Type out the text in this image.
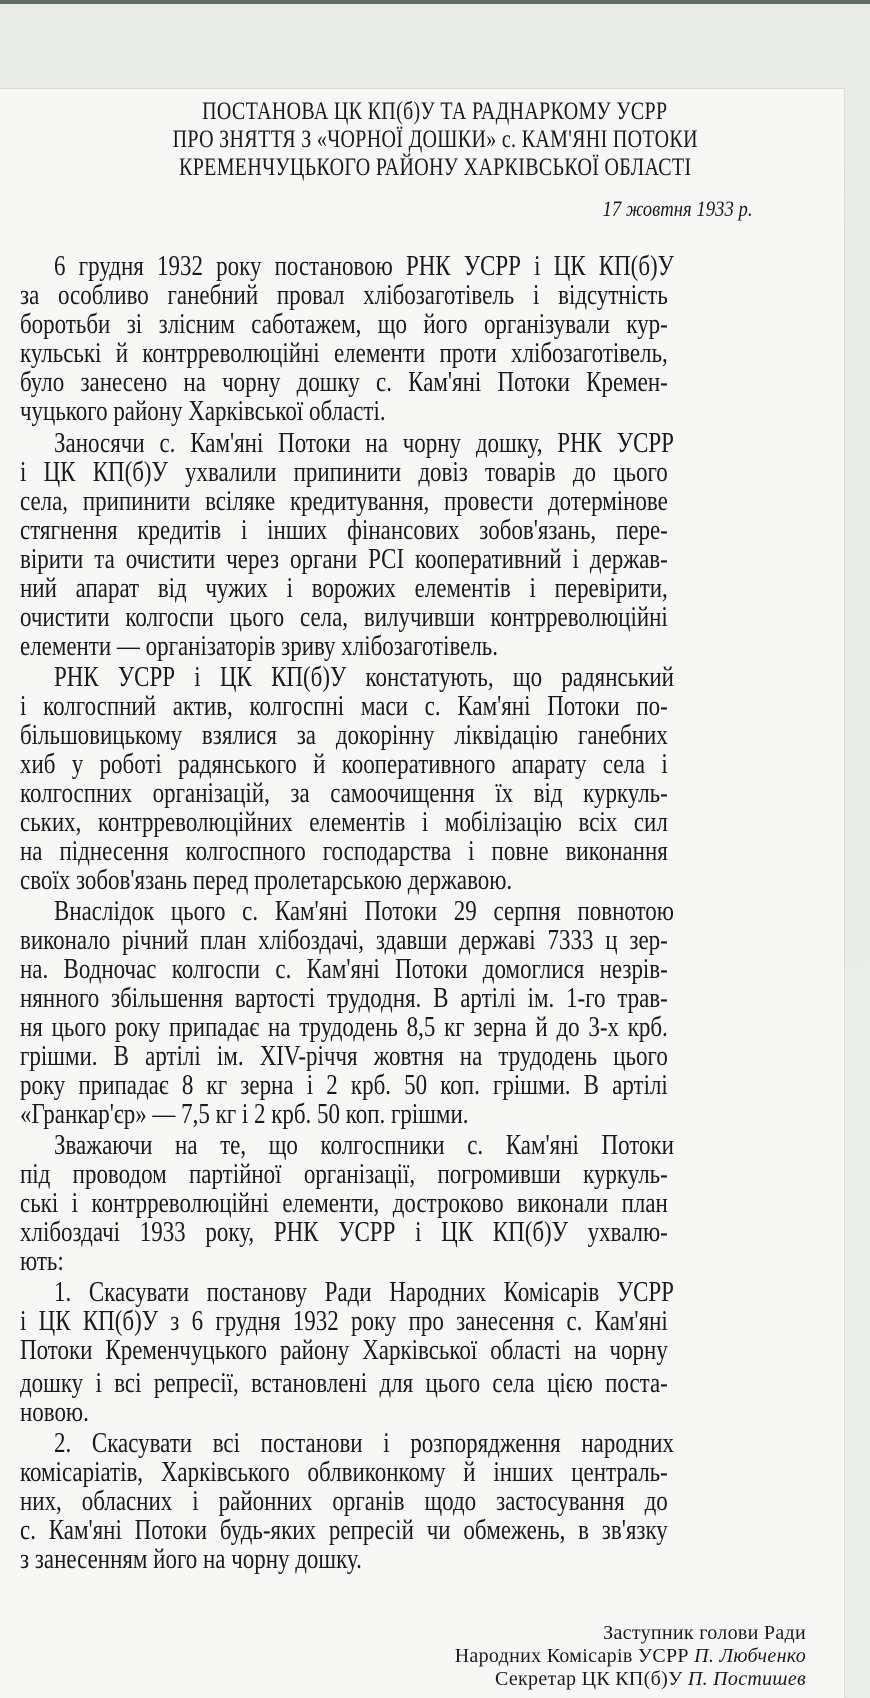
ПОСТАНОВА ЦК КП(б)У ТА РАДНАРКОМУ УСРР
ПРО ЗНЯТТЯ З «ЧОРНОЇ ДОШКИ» с. КАМ'ЯНІ ПОТОКИ
КРЕМЕНЧУЦЬКОГО РАЙОНУ ХАРКІВСЬКОЇ ОБЛАСТІ
17 жовтня 1933 р.
6 грудня 1932 року постановою РНК УСРР і ЦК КП(б)У
за особливо ганебний провал хлібозаготівель і відсутність
боротьби зі злісним саботажем, що його організували кур-
кульські й контрреволюційні елементи проти хлібозаготівель,
було занесено на чорну дошку с. Кам'яні Потоки Кремен-
чуцького району Харківської області.
Заносячи с. Кам'яні Потоки на чорну дошку, РНК УСРР
і ЦК КП(б)У ухвалили припинити довіз товарів до цього
села, припинити всіляке кредитування, провести дотермінове
стягнення кредитів і інших фінансових зобов'язань, пере-
вірити та очистити через органи РСІ кооперативний і держав-
ний апарат від чужих і ворожих елементів і перевірити,
очистити колгоспи цього села, вилучивши контрреволюційні
елементи — організаторів зриву хлібозаготівель.
РНК УСРР і ЦК КП(б)У констатують, що радянський
і колгоспний актив, колгоспні маси с. Кам'яні Потоки по-
більшовицькому взялися за докорінну ліквідацію ганебних
хиб у роботі радянського й кооперативного апарату села і
колгоспних організацій, за самоочищення їх від куркуль-
ських, контрреволюційних елементів і мобілізацію всіх сил
на піднесення колгоспного господарства і повне виконання
своїх зобов'язань перед пролетарською державою.
Внаслідок цього с. Кам'яні Потоки 29 серпня повнотою
виконало річний план хлібоздачі, здавши державі 7333 ц зер-
на. Водночас колгоспи с. Кам'яні Потоки домоглися незрів-
нянного збільшення вартості трудодня. В артілі ім. 1-го трав-
ня цього року припадає на трудодень 8,5 кг зерна й до 3-х крб.
грішми. В артілі ім. XIV-річчя жовтня на трудодень цього
року припадає 8 кг зерна і 2 крб. 50 коп. грішми. В артілі
«Гранкар'єр» — 7,5 кг і 2 крб. 50 коп. грішми.
Зважаючи на те, що колгоспники с. Кам'яні Потоки
під проводом партійної організації, погромивши куркуль-
ські і контрреволюційні елементи, достроково виконали план
хлібоздачі 1933 року, РНК УСРР і ЦК КП(б)У ухвалю-
ють:
1. Скасувати постанову Ради Народних Комісарів УСРР
і ЦК КП(б)У з 6 грудня 1932 року про занесення с. Кам'яні
Потоки Кременчуцького району Харківської області на чорну
дошку і всі репресії, встановлені для цього села цією поста-
новою.
2. Скасувати всі постанови і розпорядження народних
комісаріатів, Харківського облвиконкому й інших централь-
них, обласних і районних органів щодо застосування до
с. Кам'яні Потоки будь-яких репресій чи обмежень, в зв'язку
з занесенням його на чорну дошку.
Заступник голови Ради
Народних Комісарів УСРР П. Любченко
Секретар ЦК КП(б)У П. Постишев
